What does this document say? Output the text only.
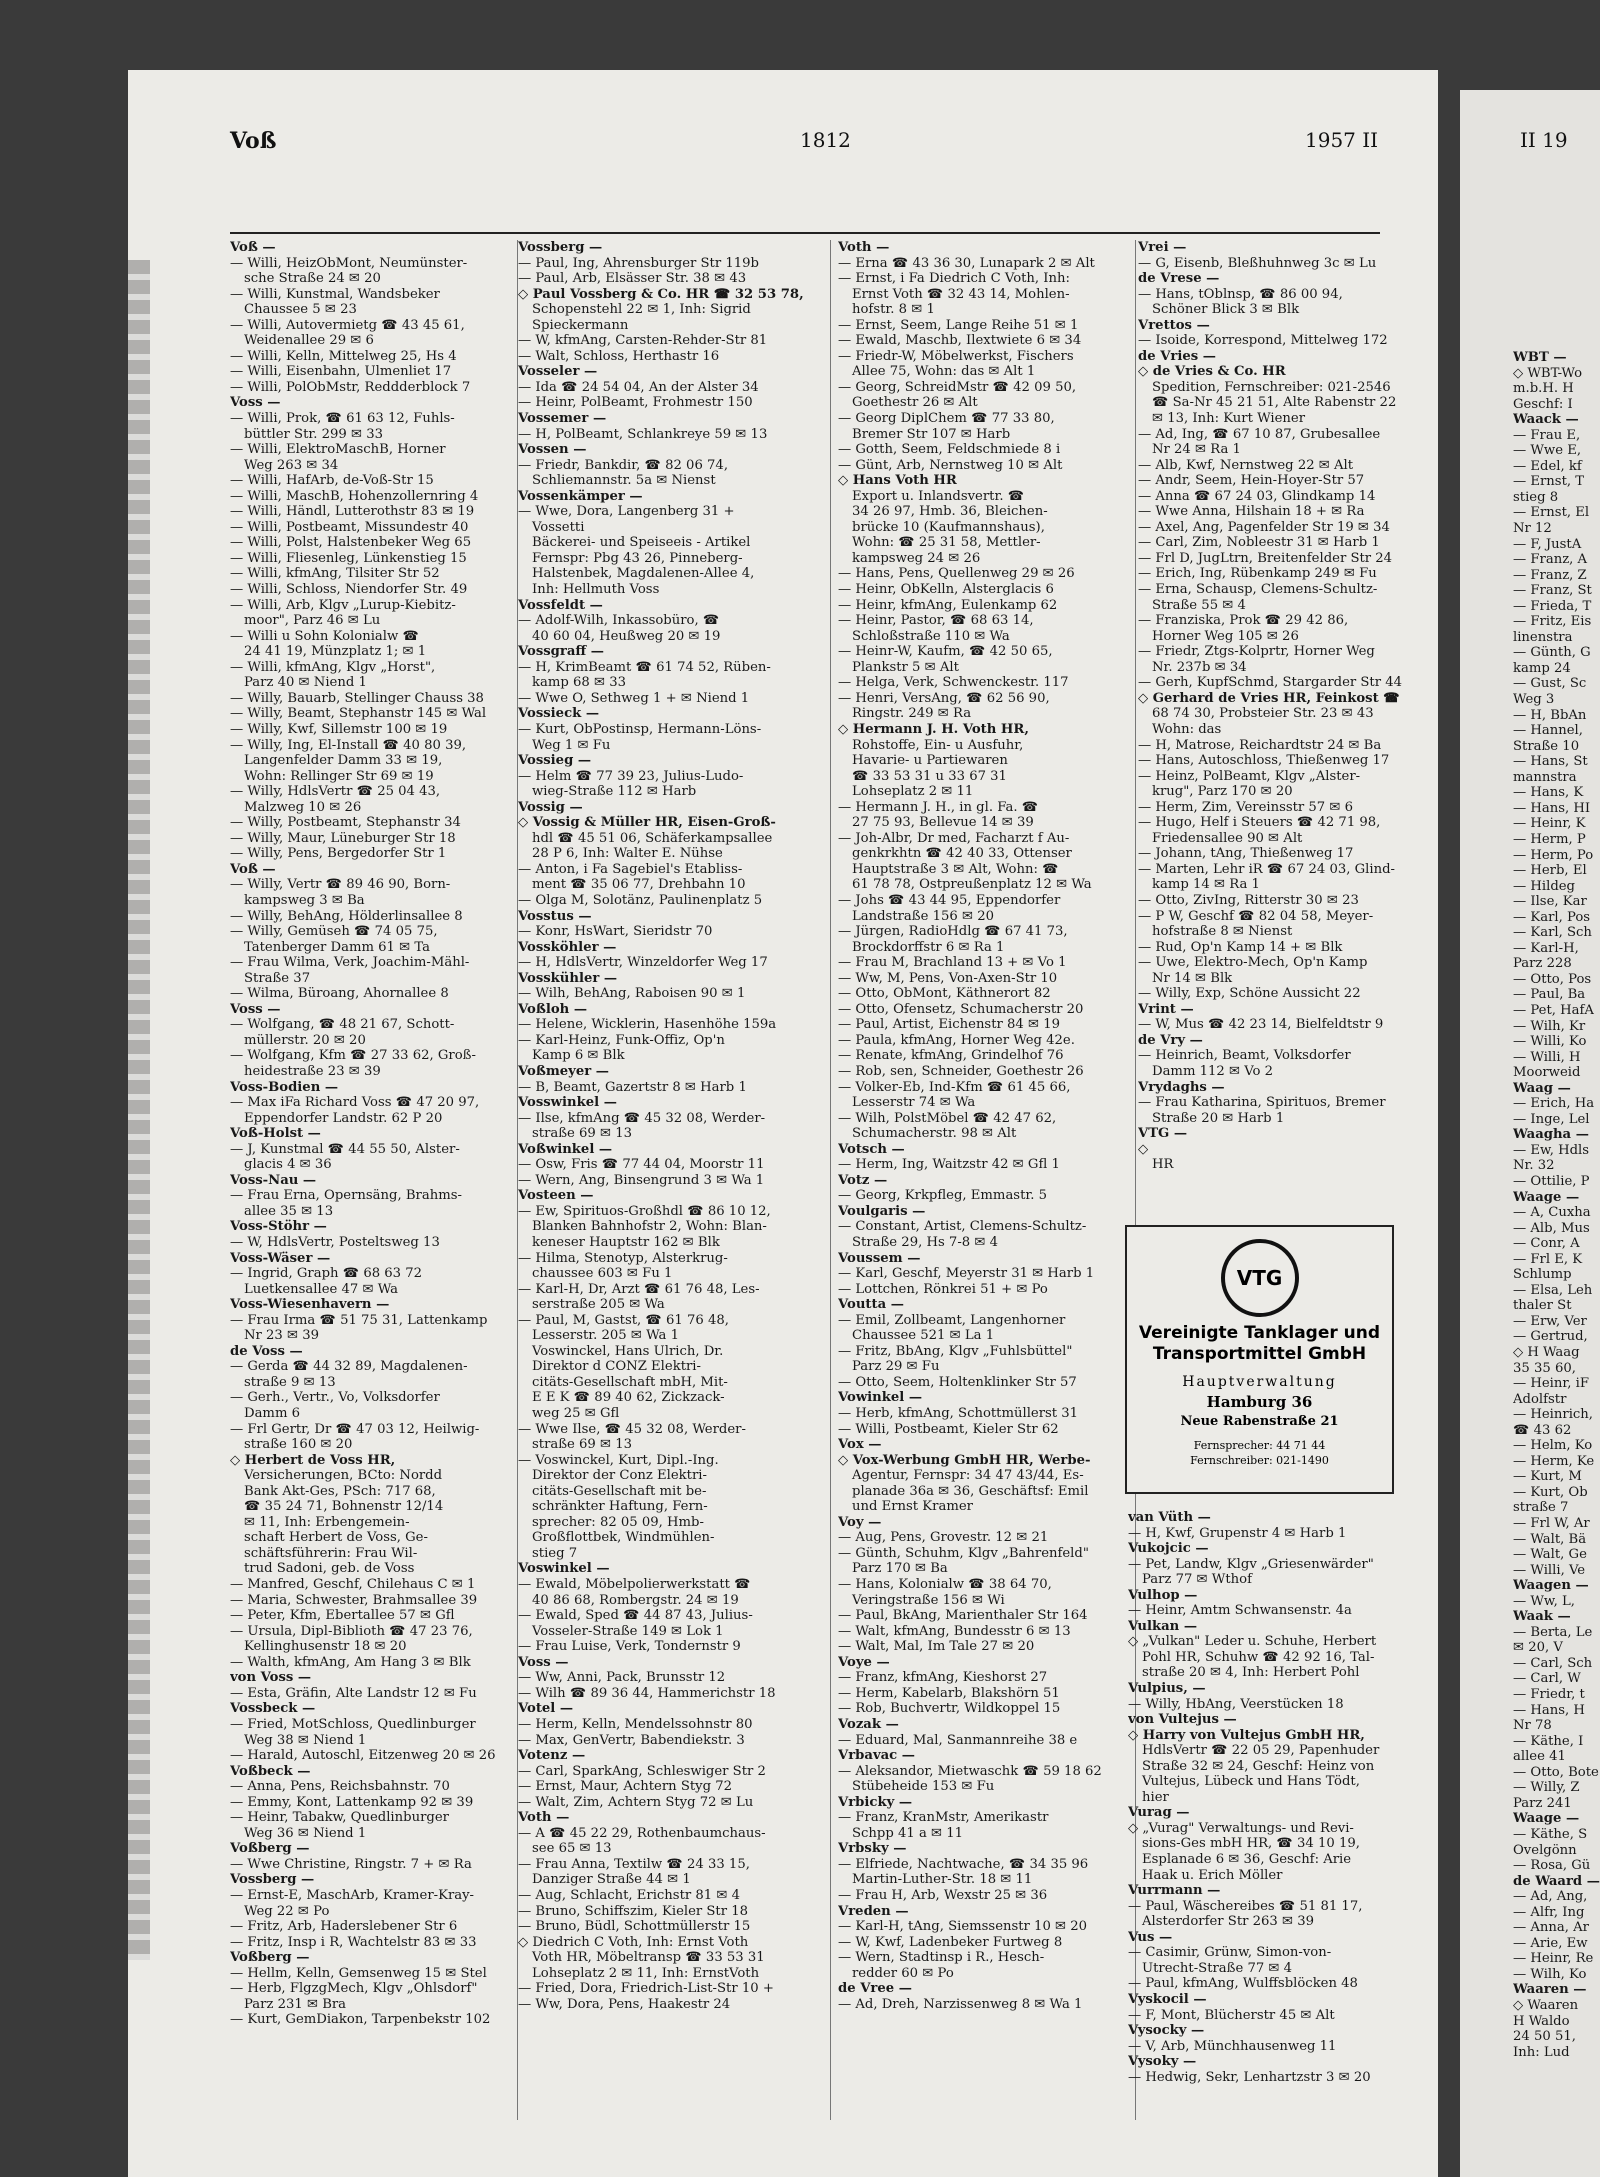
Voß	1812	1957 II	II 19
Voß —
— Willi, HeizObMont, Neumünster-
sche Straße 24 ✉ 20
— Willi, Kunstmal, Wandsbeker
Chaussee 5 ✉ 23
— Willi, Autovermietg ☎ 43 45 61,
Weidenallee 29 ✉ 6
— Willi, Kelln, Mittelweg 25, Hs 4
— Willi, Eisenbahn, Ulmenliet 17
— Willi, PolObMstr, Reddderblock 7
Voss —
— Willi, Prok, ☎ 61 63 12, Fuhls-
büttler Str. 299 ✉ 33
— Willi, ElektroMaschB, Horner
Weg 263 ✉ 34
— Willi, HafArb, de-Voß-Str 15
— Willi, MaschB, Hohenzollernring 4
— Willi, Händl, Lutterothstr 83 ✉ 19
— Willi, Postbeamt, Missundestr 40
— Willi, Polst, Halstenbeker Weg 65
— Willi, Fliesenleg, Lünkenstieg 15
— Willi, kfmAng, Tilsiter Str 52
— Willi, Schloss, Niendorfer Str. 49
— Willi, Arb, Klgv „Lurup-Kiebitz-
moor", Parz 46 ✉ Lu
— Willi u Sohn Kolonialw ☎
24 41 19, Münzplatz 1; ✉ 1
— Willi, kfmAng, Klgv „Horst",
Parz 40 ✉ Niend 1
— Willy, Bauarb, Stellinger Chauss 38
— Willy, Beamt, Stephanstr 145 ✉ Wal
— Willy, Kwf, Sillemstr 100 ✉ 19
— Willy, Ing, El-Install ☎ 40 80 39,
Langenfelder Damm 33 ✉ 19,
Wohn: Rellinger Str 69 ✉ 19
— Willy, HdlsVertr ☎ 25 04 43,
Malzweg 10 ✉ 26
— Willy, Postbeamt, Stephanstr 34
— Willy, Maur, Lüneburger Str 18
— Willy, Pens, Bergedorfer Str 1
Voß —
— Willy, Vertr ☎ 89 46 90, Born-
kampsweg 3 ✉ Ba
— Willy, BehAng, Hölderlinsallee 8
— Willy, Gemüseh ☎ 74 05 75,
Tatenberger Damm 61 ✉ Ta
— Frau Wilma, Verk, Joachim-Mähl-
Straße 37
— Wilma, Büroang, Ahornallee 8
Voss —
— Wolfgang, ☎ 48 21 67, Schott-
müllerstr. 20 ✉ 20
— Wolfgang, Kfm ☎ 27 33 62, Groß-
heidestraße 23 ✉ 39
Voss-Bodien —
— Max iFa Richard Voss ☎ 47 20 97,
Eppendorfer Landstr. 62 P 20
Voß-Holst —
— J, Kunstmal ☎ 44 55 50, Alster-
glacis 4 ✉ 36
Voss-Nau —
— Frau Erna, Opernsäng, Brahms-
allee 35 ✉ 13
Voss-Stöhr —
— W, HdlsVertr, Posteltsweg 13
Voss-Wäser —
— Ingrid, Graph ☎ 68 63 72
Luetkensallee 47 ✉ Wa
Voss-Wiesenhavern —
— Frau Irma ☎ 51 75 31, Lattenkamp
Nr 23 ✉ 39
de Voss —
— Gerda ☎ 44 32 89, Magdalenen-
straße 9 ✉ 13
— Gerh., Vertr., Vo, Volksdorfer
Damm 6
— Frl Gertr, Dr ☎ 47 03 12, Heilwig-
straße 160 ✉ 20
◇ Herbert de Voss HR,
Versicherungen, BCto: Nordd
Bank Akt-Ges, PSch: 717 68,
☎ 35 24 71, Bohnenstr 12/14
✉ 11, Inh: Erbengemein-
schaft Herbert de Voss, Ge-
schäftsführerin: Frau Wil-
trud Sadoni, geb. de Voss
— Manfred, Geschf, Chilehaus C ✉ 1
— Maria, Schwester, Brahmsallee 39
— Peter, Kfm, Ebertallee 57 ✉ Gfl
— Ursula, Dipl-Biblioth ☎ 47 23 76,
Kellinghusenstr 18 ✉ 20
— Walth, kfmAng, Am Hang 3 ✉ Blk
von Voss —
— Esta, Gräfin, Alte Landstr 12 ✉ Fu
Vossbeck —
— Fried, MotSchloss, Quedlinburger
Weg 38 ✉ Niend 1
— Harald, Autoschl, Eitzenweg 20 ✉ 26
Voßbeck —
— Anna, Pens, Reichsbahnstr. 70
— Emmy, Kont, Lattenkamp 92 ✉ 39
— Heinr, Tabakw, Quedlinburger
Weg 36 ✉ Niend 1
Voßberg —
— Wwe Christine, Ringstr. 7 + ✉ Ra
Vossberg —
— Ernst-E, MaschArb, Kramer-Kray-
Weg 22 ✉ Po
— Fritz, Arb, Haderslebener Str 6
— Fritz, Insp i R, Wachtelstr 83 ✉ 33
Voßberg —
— Hellm, Kelln, Gemsenweg 15 ✉ Stel
— Herb, FlgzgMech, Klgv „Ohlsdorf"
Parz 231 ✉ Bra
— Kurt, GemDiakon, Tarpenbekstr 102
Vossberg —
— Paul, Ing, Ahrensburger Str 119b
— Paul, Arb, Elsässer Str. 38 ✉ 43
◇ Paul Vossberg & Co. HR ☎ 32 53 78,
Schopenstehl 22 ✉ 1, Inh: Sigrid
Spieckermann
— W, kfmAng, Carsten-Rehder-Str 81
— Walt, Schloss, Herthastr 16
Vosseler —
— Ida ☎ 24 54 04, An der Alster 34
— Heinr, PolBeamt, Frohmestr 150
Vossemer —
— H, PolBeamt, Schlankreye 59 ✉ 13
Vossen —
— Friedr, Bankdir, ☎ 82 06 74,
Schliemannstr. 5a ✉ Nienst
Vossenkämper —
— Wwe, Dora, Langenberg 31 +
Vossetti
Bäckerei- und Speiseeis - Artikel
Fernspr: Pbg 43 26, Pinneberg-
Halstenbek, Magdalenen-Allee 4,
Inh: Hellmuth Voss
Vossfeldt —
— Adolf-Wilh, Inkassobüro, ☎
40 60 04, Heußweg 20 ✉ 19
Vossgraff —
— H, KrimBeamt ☎ 61 74 52, Rüben-
kamp 68 ✉ 33
— Wwe O, Sethweg 1 + ✉ Niend 1
Vossieck —
— Kurt, ObPostinsp, Hermann-Löns-
Weg 1 ✉ Fu
Vossieg —
— Helm ☎ 77 39 23, Julius-Ludo-
wieg-Straße 112 ✉ Harb
Vossig —
◇ Vossig & Müller HR, Eisen-Groß-
hdl ☎ 45 51 06, Schäferkampsallee
28 P 6, Inh: Walter E. Nühse
— Anton, i Fa Sagebiel's Etabliss-
ment ☎ 35 06 77, Drehbahn 10
— Olga M, Solotänz, Paulinenplatz 5
Vosstus —
— Konr, HsWart, Sieridstr 70
Vossköhler —
— H, HdlsVertr, Winzeldorfer Weg 17
Vosskühler —
— Wilh, BehAng, Raboisen 90 ✉ 1
Voßloh —
— Helene, Wicklerin, Hasenhöhe 159a
— Karl-Heinz, Funk-Offiz, Op'n
Kamp 6 ✉ Blk
Voßmeyer —
— B, Beamt, Gazertstr 8 ✉ Harb 1
Vosswinkel —
— Ilse, kfmAng ☎ 45 32 08, Werder-
straße 69 ✉ 13
Voßwinkel —
— Osw, Fris ☎ 77 44 04, Moorstr 11
— Wern, Ang, Binsengrund 3 ✉ Wa 1
Vosteen —
— Ew, Spirituos-Großhdl ☎ 86 10 12,
Blanken Bahnhofstr 2, Wohn: Blan-
keneser Hauptstr 162 ✉ Blk
— Hilma, Stenotyp, Alsterkrug-
chaussee 603 ✉ Fu 1
— Karl-H, Dr, Arzt ☎ 61 76 48, Les-
serstraße 205 ✉ Wa
— Paul, M, Gastst, ☎ 61 76 48,
Lesserstr. 205 ✉ Wa 1
Voswinckel, Hans Ulrich, Dr.
Direktor d CONZ Elektri-
citäts-Gesellschaft mbH, Mit-
E E K ☎ 89 40 62, Zickzack-
weg 25 ✉ Gfl
— Wwe Ilse, ☎ 45 32 08, Werder-
straße 69 ✉ 13
— Voswinckel, Kurt, Dipl.-Ing.
Direktor der Conz Elektri-
citäts-Gesellschaft mit be-
schränkter Haftung, Fern-
sprecher: 82 05 09, Hmb-
Großflottbek, Windmühlen-
stieg 7
Voswinkel —
— Ewald, Möbelpolierwerkstatt ☎
40 86 68, Rombergstr. 24 ✉ 19
— Ewald, Sped ☎ 44 87 43, Julius-
Vosseler-Straße 149 ✉ Lok 1
— Frau Luise, Verk, Tondernstr 9
Voss —
— Ww, Anni, Pack, Brunsstr 12
— Wilh ☎ 89 36 44, Hammerichstr 18
Votel —
— Herm, Kelln, Mendelssohnstr 80
— Max, GenVertr, Babendiekstr. 3
Votenz —
— Carl, SparkAng, Schleswiger Str 2
— Ernst, Maur, Achtern Styg 72
— Walt, Zim, Achtern Styg 72 ✉ Lu
Voth —
— A ☎ 45 22 29, Rothenbaumchaus-
see 65 ✉ 13
— Frau Anna, Textilw ☎ 24 33 15,
Danziger Straße 44 ✉ 1
— Aug, Schlacht, Erichstr 81 ✉ 4
— Bruno, Schiffszim, Kieler Str 18
— Bruno, Büdl, Schottmüllerstr 15
◇ Diedrich C Voth, Inh: Ernst Voth
Voth HR, Möbeltransp ☎ 33 53 31
Lohseplatz 2 ✉ 11, Inh: ErnstVoth
— Fried, Dora, Friedrich-List-Str 10 +
— Ww, Dora, Pens, Haakestr 24
Voth —
— Erna ☎ 43 36 30, Lunapark 2 ✉ Alt
— Ernst, i Fa Diedrich C Voth, Inh:
Ernst Voth ☎ 32 43 14, Mohlen-
hofstr. 8 ✉ 1
— Ernst, Seem, Lange Reihe 51 ✉ 1
— Ewald, Maschb, Ilextwiete 6 ✉ 34
— Friedr-W, Möbelwerkst, Fischers
Allee 75, Wohn: das ✉ Alt 1
— Georg, SchreidMstr ☎ 42 09 50,
Goethestr 26 ✉ Alt
— Georg DiplChem ☎ 77 33 80,
Bremer Str 107 ✉ Harb
— Gotth, Seem, Feldschmiede 8 i
— Günt, Arb, Nernstweg 10 ✉ Alt
◇ Hans Voth HR
Export u. Inlandsvertr. ☎
34 26 97, Hmb. 36, Bleichen-
brücke 10 (Kaufmannshaus),
Wohn: ☎ 25 31 58, Mettler-
kampsweg 24 ✉ 26
— Hans, Pens, Quellenweg 29 ✉ 26
— Heinr, ObKelln, Alsterglacis 6
— Heinr, kfmAng, Eulenkamp 62
— Heinr, Pastor, ☎ 68 63 14,
Schloßstraße 110 ✉ Wa
— Heinr-W, Kaufm, ☎ 42 50 65,
Plankstr 5 ✉ Alt
— Helga, Verk, Schwenckestr. 117
— Henri, VersAng, ☎ 62 56 90,
Ringstr. 249 ✉ Ra
◇ Hermann J. H. Voth HR,
Rohstoffe, Ein- u Ausfuhr,
Havarie- u Partiewaren
☎ 33 53 31 u 33 67 31
Lohseplatz 2 ✉ 11
— Hermann J. H., in gl. Fa. ☎
27 75 93, Bellevue 14 ✉ 39
— Joh-Albr, Dr med, Facharzt f Au-
genkrkhtn ☎ 42 40 33, Ottenser
Hauptstraße 3 ✉ Alt, Wohn: ☎
61 78 78, Ostpreußenplatz 12 ✉ Wa
— Johs ☎ 43 44 95, Eppendorfer
Landstraße 156 ✉ 20
— Jürgen, RadioHdlg ☎ 67 41 73,
Brockdorffstr 6 ✉ Ra 1
— Frau M, Brachland 13 + ✉ Vo 1
— Ww, M, Pens, Von-Axen-Str 10
— Otto, ObMont, Käthnerort 82
— Otto, Ofensetz, Schumacherstr 20
— Paul, Artist, Eichenstr 84 ✉ 19
— Paula, kfmAng, Horner Weg 42e.
— Renate, kfmAng, Grindelhof 76
— Rob, sen, Schneider, Goethestr 26
— Volker-Eb, Ind-Kfm ☎ 61 45 66,
Lesserstr 74 ✉ Wa
— Wilh, PolstMöbel ☎ 42 47 62,
Schumacherstr. 98 ✉ Alt
Votsch —
— Herm, Ing, Waitzstr 42 ✉ Gfl 1
Votz —
— Georg, Krkpfleg, Emmastr. 5
Voulgaris —
— Constant, Artist, Clemens-Schultz-
Straße 29, Hs 7-8 ✉ 4
Voussem —
— Karl, Geschf, Meyerstr 31 ✉ Harb 1
— Lottchen, Rönkrei 51 + ✉ Po
Voutta —
— Emil, Zollbeamt, Langenhorner
Chaussee 521 ✉ La 1
— Fritz, BbAng, Klgv „Fuhlsbüttel"
Parz 29 ✉ Fu
— Otto, Seem, Holtenklinker Str 57
Vowinkel —
— Herb, kfmAng, Schottmüllerst 31
— Willi, Postbeamt, Kieler Str 62
Vox —
◇ Vox-Werbung GmbH HR, Werbe-
Agentur, Fernspr: 34 47 43/44, Es-
planade 36a ✉ 36, Geschäftsf: Emil
und Ernst Kramer
Voy —
— Aug, Pens, Grovestr. 12 ✉ 21
— Günth, Schuhm, Klgv „Bahrenfeld"
Parz 170 ✉ Ba
— Hans, Kolonialw ☎ 38 64 70,
Veringstraße 156 ✉ Wi
— Paul, BkAng, Marienthaler Str 164
— Walt, kfmAng, Bundesstr 6 ✉ 13
— Walt, Mal, Im Tale 27 ✉ 20
Voye —
— Franz, kfmAng, Kieshorst 27
— Herm, Kabelarb, Blakshörn 51
— Rob, Buchvertr, Wildkoppel 15
Vozak —
— Eduard, Mal, Sanmannreihe 38 e
Vrbavac —
— Aleksandor, Mietwaschk ☎ 59 18 62
Stübeheide 153 ✉ Fu
Vrbicky —
— Franz, KranMstr, Amerikastr
Schpp 41 a ✉ 11
Vrbsky —
— Elfriede, Nachtwache, ☎ 34 35 96
Martin-Luther-Str. 18 ✉ 11
— Frau H, Arb, Wexstr 25 ✉ 36
Vreden —
— Karl-H, tAng, Siemssenstr 10 ✉ 20
— W, Kwf, Ladenbeker Furtweg 8
— Wern, Stadtinsp i R., Hesch-
redder 60 ✉ Po
de Vree —
— Ad, Dreh, Narzissenweg 8 ✉ Wa 1
Vrei —
— G, Eisenb, Bleßhuhnweg 3c ✉ Lu
de Vrese —
— Hans, tOblnsp, ☎ 86 00 94,
Schöner Blick 3 ✉ Blk
Vrettos —
— Isoide, Korrespond, Mittelweg 172
de Vries —
◇ de Vries & Co. HR
Spedition, Fernschreiber: 021-2546
☎ Sa-Nr 45 21 51, Alte Rabenstr 22
✉ 13, Inh: Kurt Wiener
— Ad, Ing, ☎ 67 10 87, Grubesallee
Nr 24 ✉ Ra 1
— Alb, Kwf, Nernstweg 22 ✉ Alt
— Andr, Seem, Hein-Hoyer-Str 57
— Anna ☎ 67 24 03, Glindkamp 14
— Wwe Anna, Hilshain 18 + ✉ Ra
— Axel, Ang, Pagenfelder Str 19 ✉ 34
— Carl, Zim, Nobleestr 31 ✉ Harb 1
— Frl D, JugLtrn, Breitenfelder Str 24
— Erich, Ing, Rübenkamp 249 ✉ Fu
— Erna, Schausp, Clemens-Schultz-
Straße 55 ✉ 4
— Franziska, Prok ☎ 29 42 86,
Horner Weg 105 ✉ 26
— Friedr, Ztgs-Kolprtr, Horner Weg
Nr. 237b ✉ 34
— Gerh, KupfSchmd, Stargarder Str 44
◇ Gerhard de Vries HR, Feinkost ☎
68 74 30, Probsteier Str. 23 ✉ 43
Wohn: das
— H, Matrose, Reichardtstr 24 ✉ Ba
— Hans, Autoschloss, Thießenweg 17
— Heinz, PolBeamt, Klgv „Alster-
krug", Parz 170 ✉ 20
— Herm, Zim, Vereinsstr 57 ✉ 6
— Hugo, Helf i Steuers ☎ 42 71 98,
Friedensallee 90 ✉ Alt
— Johann, tAng, Thießenweg 17
— Marten, Lehr iR ☎ 67 24 03, Glind-
kamp 14 ✉ Ra 1
— Otto, ZivIng, Ritterstr 30 ✉ 23
— P W, Geschf ☎ 82 04 58, Meyer-
hofstraße 8 ✉ Nienst
— Rud, Op'n Kamp 14 + ✉ Blk
— Uwe, Elektro-Mech, Op'n Kamp
Nr 14 ✉ Blk
— Willy, Exp, Schöne Aussicht 22
Vrint —
— W, Mus ☎ 42 23 14, Bielfeldtstr 9
de Vry —
— Heinrich, Beamt, Volksdorfer
Damm 112 ✉ Vo 2
Vrydaghs —
— Frau Katharina, Spirituos, Bremer
Straße 20 ✉ Harb 1
VTG —
◇
HR
van Vüth —
— H, Kwf, Grupenstr 4 ✉ Harb 1
Vukojcic —
— Pet, Landw, Klgv „Griesenwärder"
Parz 77 ✉ Wthof
Vulhop —
— Heinr, Amtm Schwansenstr. 4a
Vulkan —
◇ „Vulkan" Leder u. Schuhe, Herbert
Pohl HR, Schuhw ☎ 42 92 16, Tal-
straße 20 ✉ 4, Inh: Herbert Pohl
Vulpius, —
— Willy, HbAng, Veerstücken 18
von Vultejus —
◇ Harry von Vultejus GmbH HR,
HdlsVertr ☎ 22 05 29, Papenhuder
Straße 32 ✉ 24, Geschf: Heinz von
Vultejus, Lübeck und Hans Tödt,
hier
Vurag —
◇ „Vurag" Verwaltungs- und Revi-
sions-Ges mbH HR, ☎ 34 10 19,
Esplanade 6 ✉ 36, Geschf: Arie
Haak u. Erich Möller
Vurrmann —
— Paul, Wäschereibes ☎ 51 81 17,
Alsterdorfer Str 263 ✉ 39
Vus —
— Casimir, Grünw, Simon-von-
Utrecht-Straße 77 ✉ 4
— Paul, kfmAng, Wulffsblöcken 48
Vyskocil —
— F, Mont, Blücherstr 45 ✉ Alt
Vysocky —
— V, Arb, Münchhausenweg 11
Vysoky —
— Hedwig, Sekr, Lenhartzstr 3 ✉ 20
WBT —
◇ WBT-Wo
m.b.H. H
Geschf: I
Waack —
— Frau E,
— Wwe E,
— Edel, kf
— Ernst, T
stieg 8
— Ernst, El
Nr 12
— F, JustA
— Franz, A
— Franz, Z
— Franz, St
— Frieda, T
— Fritz, Eis
linenstra
— Günth, G
kamp 24
— Gust, Sc
Weg 3
— H, BbAn
— Hannel,
Straße 10
— Hans, St
mannstra
— Hans, K
— Hans, HI
— Heinr, K
— Herm, P
— Herm, Po
— Herb, El
— Hildeg
— Ilse, Kar
— Karl, Pos
— Karl, Sch
— Karl-H,
Parz 228
— Otto, Pos
— Paul, Ba
— Pet, HafA
— Wilh, Kr
— Willi, Ko
— Willi, H
Moorweid
Waag —
— Erich, Ha
— Inge, Lel
Waagha —
— Ew, Hdls
Nr. 32
— Ottilie, P
Waage —
— A, Cuxha
— Alb, Mus
— Conr, A
— Frl E, K
Schlump
— Elsa, Leh
thaler St
— Erw, Ver
— Gertrud,
◇ H Waag
35 35 60,
— Heinr, iF
Adolfstr
— Heinrich,
☎ 43 62
— Helm, Ko
— Herm, Ke
— Kurt, M
— Kurt, Ob
straße 7
— Frl W, Ar
— Walt, Bä
— Walt, Ge
— Willi, Ve
Waagen —
— Ww, L,
Waak —
— Berta, Le
✉ 20, V
— Carl, Sch
— Carl, W
— Friedr, t
— Hans, H
Nr 78
— Käthe, I
allee 41
— Otto, Bote
— Willy, Z
Parz 241
Waage —
— Käthe, S
Ovelgönn
— Rosa, Gü
de Waard —
— Ad, Ang,
— Alfr, Ing
— Anna, Ar
— Arie, Ew
— Heinr, Re
— Wilh, Ko
Waaren —
◇ Waaren
H Waldo
24 50 51,
Inh: Lud
VTG
Vereinigte Tanklager und
Transportmittel GmbH
Hauptverwaltung
Hamburg 36
Neue Rabenstraße 21
Fernsprecher: 44 71 44
Fernschreiber: 021-1490
